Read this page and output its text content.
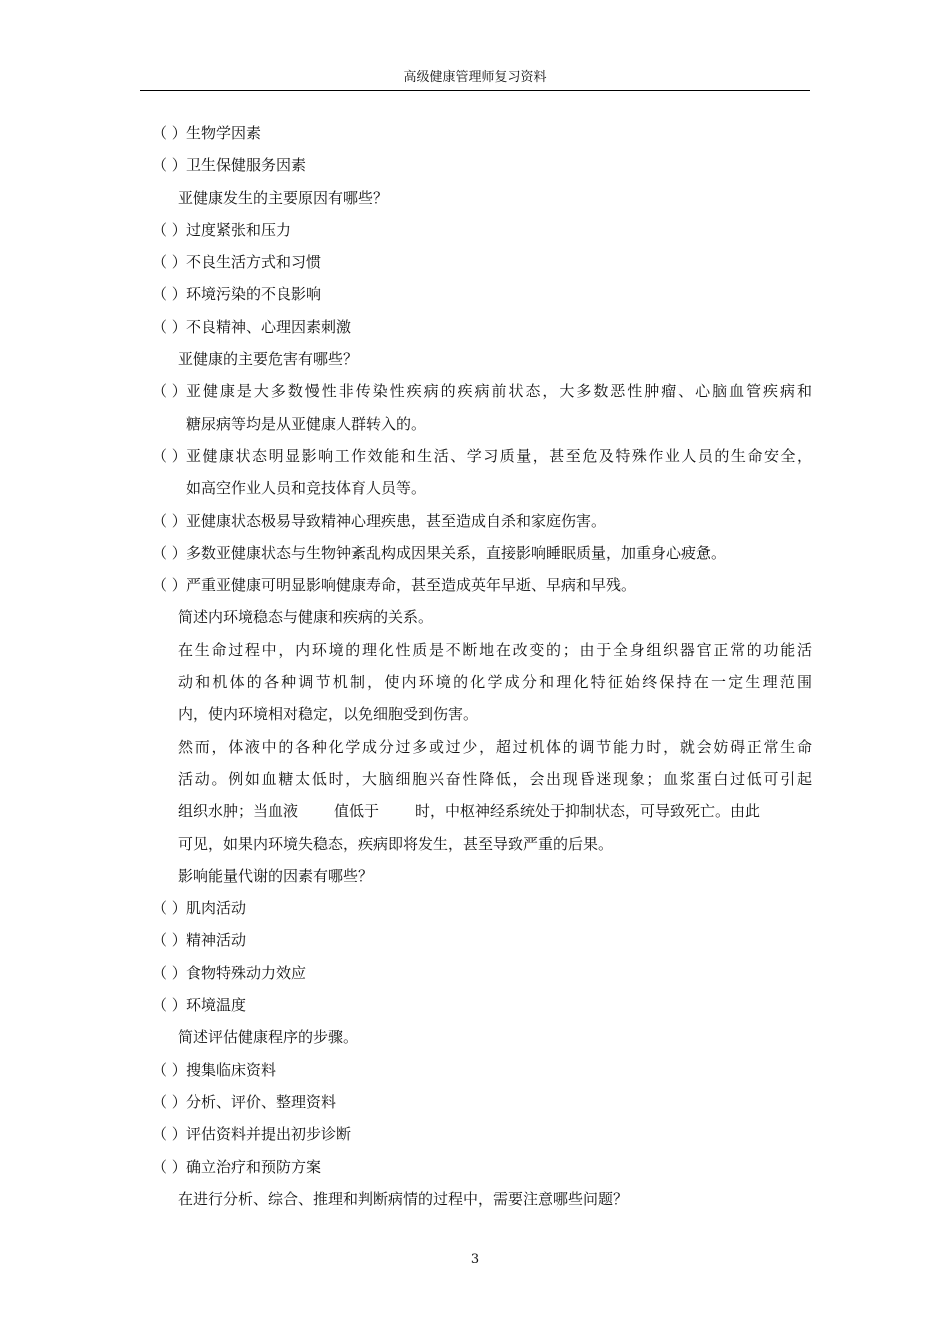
高级健康管理师复习资料
（ ） 生物学因素
（ ） 卫生保健服务因素
亚健康发生的主要原因有哪些？
（ ） 过度紧张和压力
（ ） 不良生活方式和习惯
（ ） 环境污染的不良影响
（ ） 不良精神、心理因素刺激
亚健康的主要危害有哪些？
（ ） 亚健康是大多数慢性非传染性疾病的疾病前状态，大多数恶性肿瘤、心脑血管疾病和
糖尿病等均是从亚健康人群转入的。
（ ） 亚健康状态明显影响工作效能和生活、学习质量，甚至危及特殊作业人员的生命安全，
如高空作业人员和竞技体育人员等。
（ ） 亚健康状态极易导致精神心理疾患，甚至造成自杀和家庭伤害。
（ ） 多数亚健康状态与生物钟紊乱构成因果关系，直接影响睡眠质量，加重身心疲惫。
（ ） 严重亚健康可明显影响健康寿命，甚至造成英年早逝、早病和早残。
简述内环境稳态与健康和疾病的关系。
在生命过程中，内环境的理化性质是不断地在改变的；由于全身组织器官正常的功能活
动和机体的各种调节机制，使内环境的化学成分和理化特征始终保持在一定生理范围
内，使内环境相对稳定，以免细胞受到伤害。
然而，体液中的各种化学成分过多或过少，超过机体的调节能力时，就会妨碍正常生命
活动。例如血糖太低时，大脑细胞兴奋性降低，会出现昏迷现象；血浆蛋白过低可引起
组织水肿；当血液 值低于 时，中枢神经系统处于抑制状态，可导致死亡。由此
可见，如果内环境失稳态，疾病即将发生，甚至导致严重的后果。
影响能量代谢的因素有哪些？
（ ） 肌肉活动
（ ） 精神活动
（ ） 食物特殊动力效应
（ ） 环境温度
简述评估健康程序的步骤。
（ ） 搜集临床资料
（ ） 分析、评价、整理资料
（ ） 评估资料并提出初步诊断
（ ） 确立治疗和预防方案
在进行分析、综合、推理和判断病情的过程中，需要注意哪些问题？
3
